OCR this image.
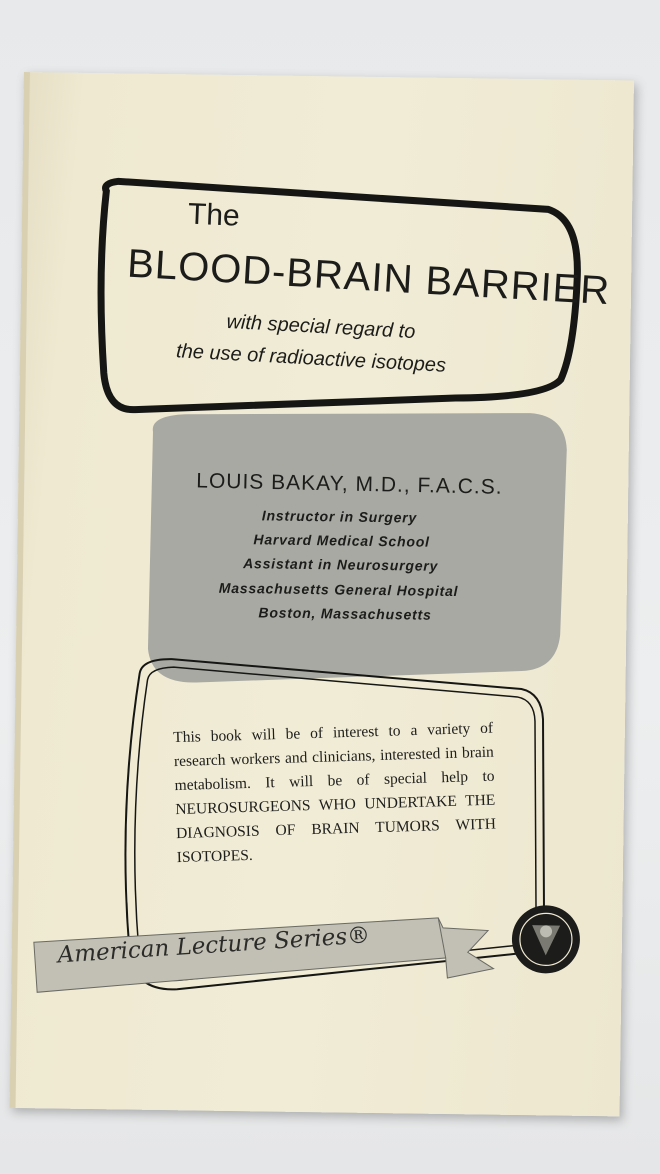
The
BLOOD-BRAIN BARRIER
with special regard to
the use of radioactive isotopes
LOUIS BAKAY, M.D., F.A.C.S.
Instructor in Surgery
Harvard Medical School
Assistant in Neurosurgery
Massachusetts General Hospital
Boston, Massachusetts
This book will be of interest to a variety of research workers and clinicians, interested in brain metabolism. It will be of special help to NEUROSURGEONS WHO UNDERTAKE THE DIAGNOSIS OF BRAIN TUMORS WITH ISOTOPES.
American Lecture Series®
